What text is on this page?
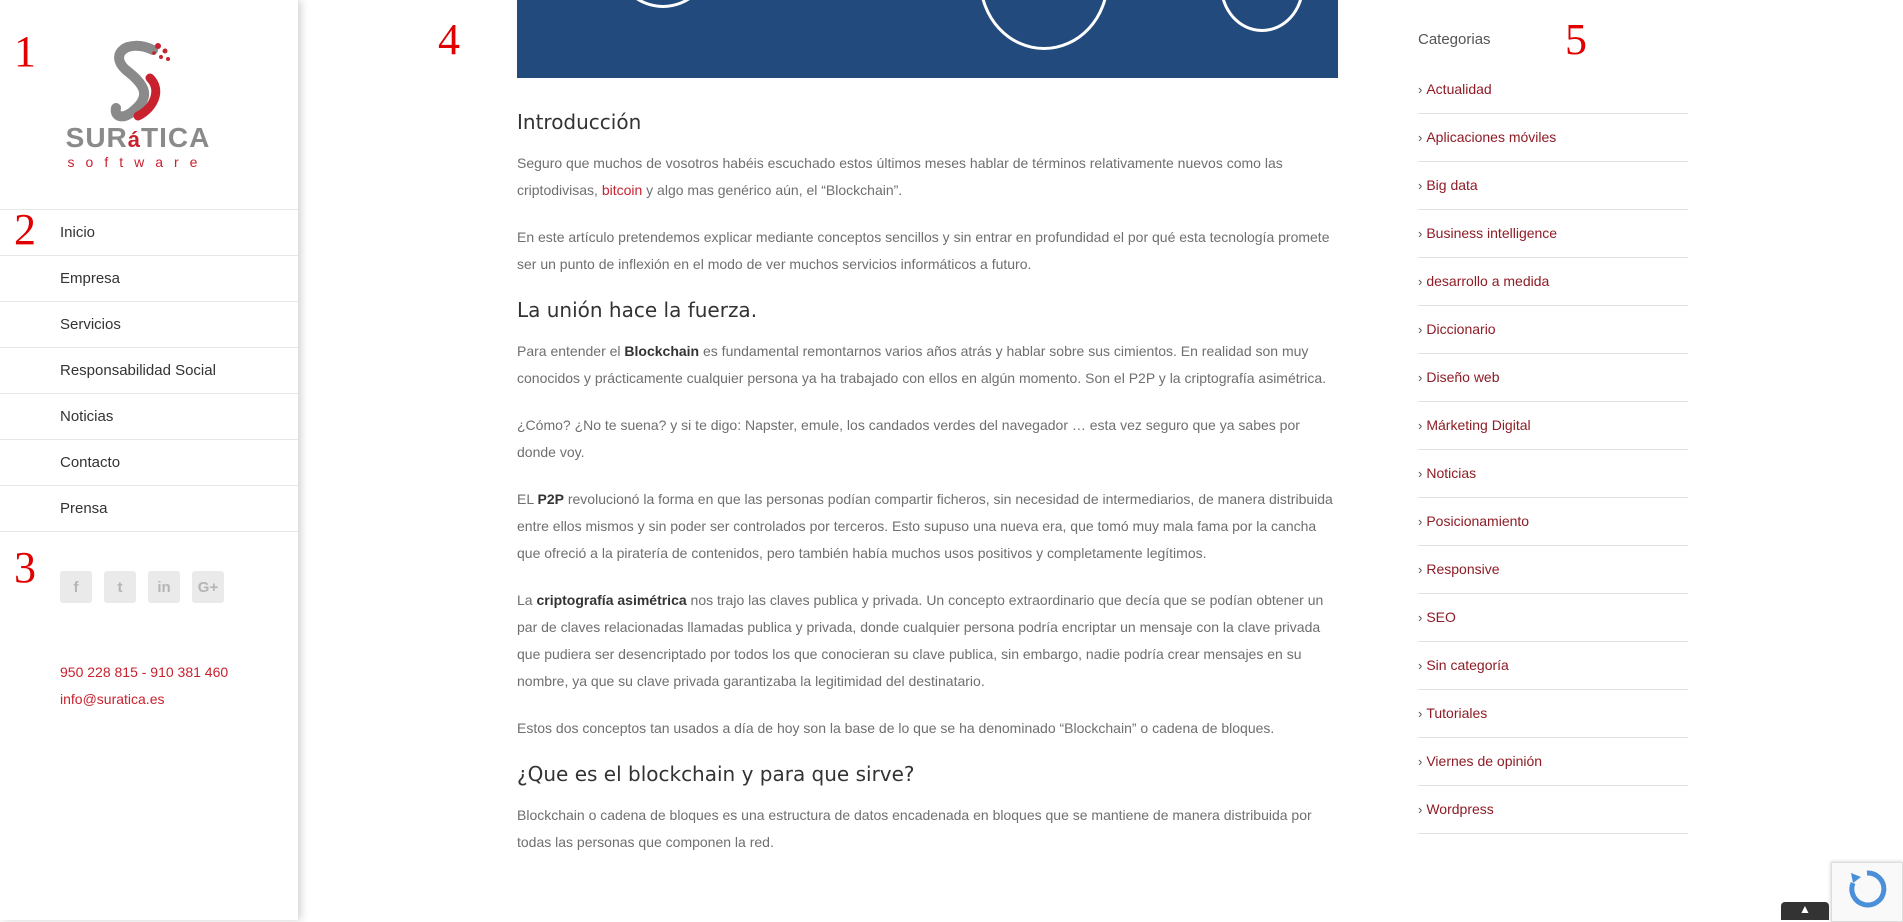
SURáTICA
software
Inicio
Empresa
Servicios
Responsabilidad Social
Noticias
Contacto
Prensa
f	t	in	G+
950 228 815 - 910 381 460
info@suratica.es
1
2
3
4	5
Introducción

Seguro que muchos de vosotros habéis escuchado estos últimos meses hablar de términos relativamente nuevos como las criptodivisas, bitcoin y algo mas genérico aún, el “Blockchain”.

En este artículo pretendemos explicar mediante conceptos sencillos y sin entrar en profundidad el por qué esta tecnología promete ser un punto de inflexión en el modo de ver muchos servicios informáticos a futuro.

La unión hace la fuerza.

Para entender el Blockchain es fundamental remontarnos varios años atrás y hablar sobre sus cimientos. En realidad son muy conocidos y prácticamente cualquier persona ya ha trabajado con ellos en algún momento. Son el P2P y la criptografía asimétrica.

¿Cómo? ¿No te suena? y si te digo: Napster, emule, los candados verdes del navegador … esta vez seguro que ya sabes por donde voy.

EL P2P revolucionó la forma en que las personas podían compartir ficheros, sin necesidad de intermediarios, de manera distribuida entre ellos mismos y sin poder ser controlados por terceros. Esto supuso una nueva era, que tomó muy mala fama por la cancha que ofreció a la piratería de contenidos, pero también había muchos usos positivos y completamente legítimos.

La criptografía asimétrica nos trajo las claves publica y privada. Un concepto extraordinario que decía que se podían obtener un par de claves relacionadas llamadas publica y privada, donde cualquier persona podría encriptar un mensaje con la clave privada que pudiera ser desencriptado por todos los que conocieran su clave publica, sin embargo, nadie podría crear mensajes en su nombre, ya que su clave privada garantizaba la legitimidad del destinatario.

Estos dos conceptos tan usados a día de hoy son la base de lo que se ha denominado “Blockchain” o cadena de bloques.

¿Que es el blockchain y para que sirve?

Blockchain o cadena de bloques es una estructura de datos encadenada en bloques que se mantiene de manera distribuida por todas las personas que componen la red.

Categorias
› Actualidad
› Aplicaciones móviles
› Big data
› Business intelligence
› desarrollo a medida
› Diccionario
› Diseño web
› Márketing Digital
› Noticias
› Posicionamiento
› Responsive
› SEO
› Sin categoría
› Tutoriales
› Viernes de opinión
› Wordpress
▲
